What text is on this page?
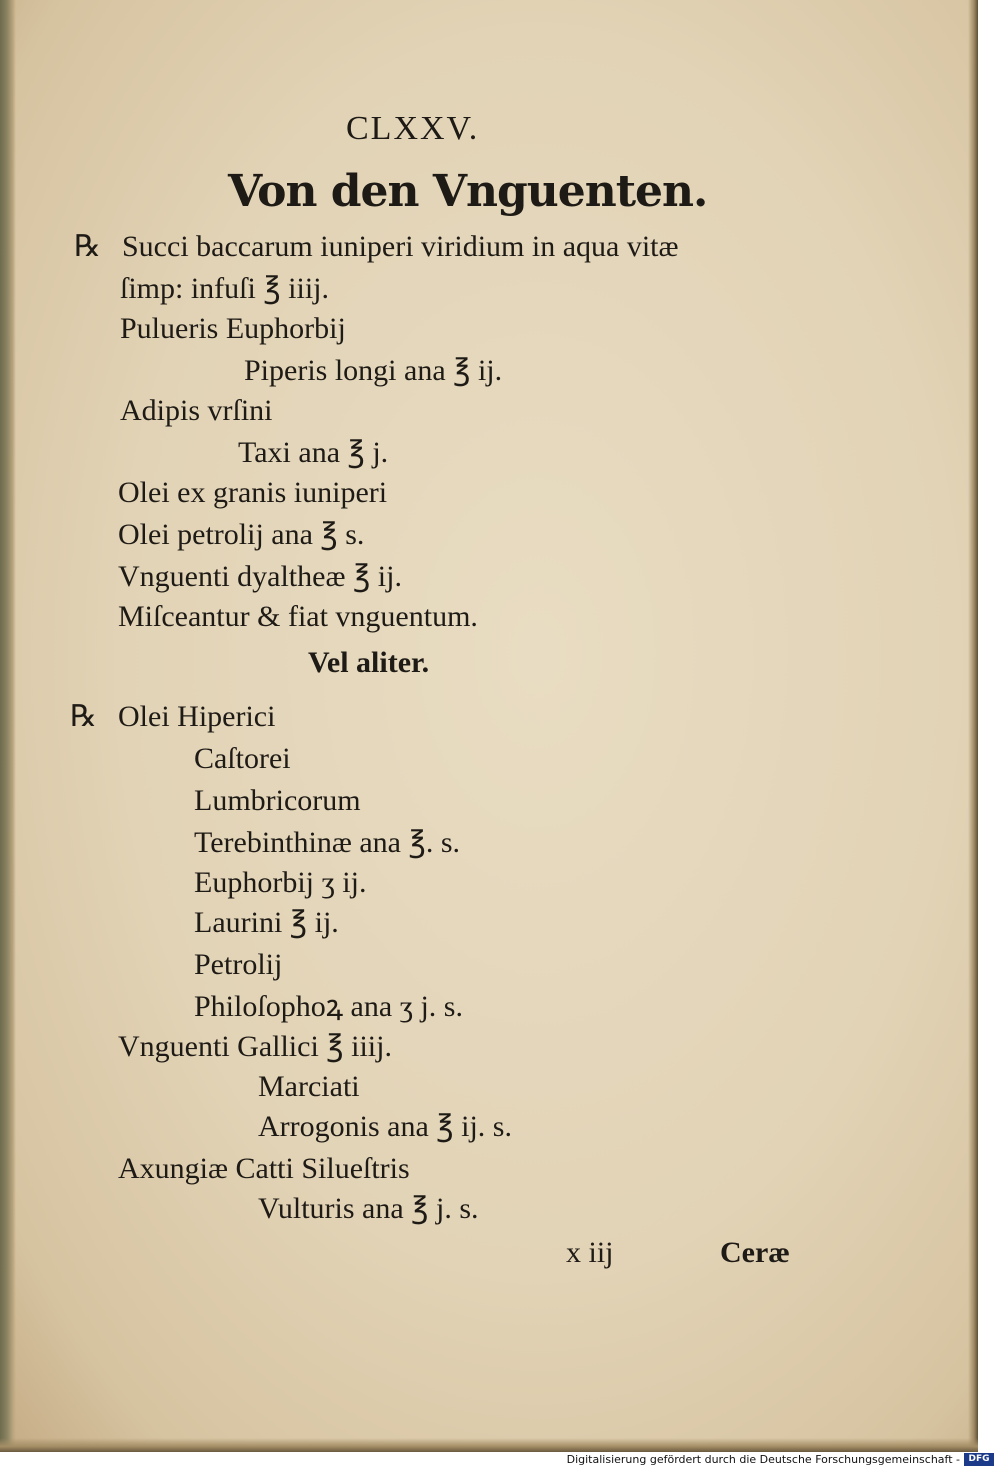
CLXXV.
Von den Vnguenten.
℞ Succi baccarum iuniperi viridium in aqua vitæ
ſimp: infuſi ℥ iiij.
Pulueris Euphorbij
Piperis longi ana ℥ ij.
Adipis vrſini
Taxi ana ℥ j.
Olei ex granis iuniperi
Olei petrolij ana ℥ s.
Vnguenti dyaltheæ ℥ ij.
Miſceantur & fiat vnguentum.
Vel aliter.
℞ Olei Hiperici
Caſtorei
Lumbricorum
Terebinthinæ ana ℥. s.
Euphorbij ʒ ij.
Laurini ℥ ij.
Petrolij
Philoſophoꝝ ana ʒ j. s.
Vnguenti Gallici ℥ iiij.
Marciati
Arrogonis ana ℥ ij. s.
Axungiæ Catti Silueſtris
Vulturis ana ℥ j. s.
x iij	Ceræ
Digitalisierung gefördert durch die Deutsche Forschungsgemeinschaft - DFG
